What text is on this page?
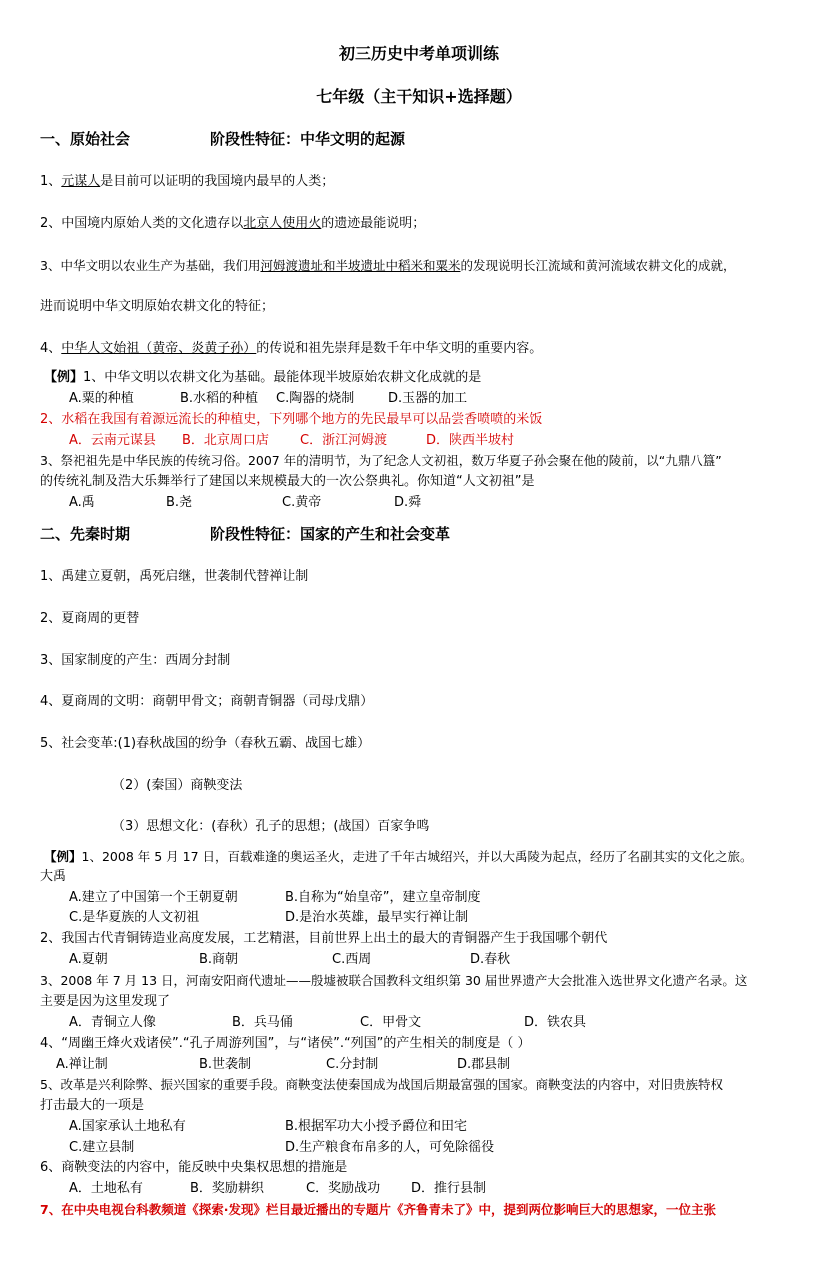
初三历史中考单项训练
七年级（主干知识+选择题）
一、原始社会	阶段性特征：中华文明的起源
1、元谋人是目前可以证明的我国境内最早的人类；
2、中国境内原始人类的文化遗存以北京人使用火的遗迹最能说明；
3、中华文明以农业生产为基础，我们用河姆渡遗址和半坡遗址中稻米和粟米的发现说明长江流域和黄河流域农耕文化的成就，
进而说明中华文明原始农耕文化的特征；
4、中华人文始祖（黄帝、炎黄子孙）的传说和祖先崇拜是数千年中华文明的重要内容。
【例】1、中华文明以农耕文化为基础。最能体现半坡原始农耕文化成就的是
A.粟的种植	B.水稻的种植 C.陶器的烧制	D.玉器的加工
2、水稻在我国有着源远流长的种植史，下列哪个地方的先民最早可以品尝香喷喷的米饭
A．云南元谋县 B．北京周口店 C．浙江河姆渡	D．陕西半坡村
3、祭祀祖先是中华民族的传统习俗。2007 年的清明节，为了纪念人文初祖，数万华夏子孙会聚在他的陵前，以“九鼎八簋”
的传统礼制及浩大乐舞举行了建国以来规模最大的一次公祭典礼。你知道“人文初祖”是
A.禹	B.尧	C.黄帝	D.舜
二、先秦时期	阶段性特征：国家的产生和社会变革
1、禹建立夏朝，禹死启继，世袭制代替禅让制
2、夏商周的更替
3、国家制度的产生：西周分封制
4、夏商周的文明：商朝甲骨文；商朝青铜器（司母戊鼎）
5、社会变革:(1)春秋战国的纷争（春秋五霸、战国七雄）
（2）(秦国）商鞅变法
（3）思想文化：(春秋）孔子的思想；(战国）百家争鸣
【例】1、2008 年 5 月 17 日，百载难逢的奥运圣火，走进了千年古城绍兴，并以大禹陵为起点，经历了名副其实的文化之旅。
大禹
A.建立了中国第一个王朝夏朝	B.自称为“始皇帝”，建立皇帝制度
C.是华夏族的人文初祖	D.是治水英雄，最早实行禅让制
2、我国古代青铜铸造业高度发展，工艺精湛，目前世界上出土的最大的青铜器产生于我国哪个朝代
A.夏朝	B.商朝	C.西周	D.春秋
3、2008 年 7 月 13 日，河南安阳商代遗址——殷墟被联合国教科文组织第 30 届世界遗产大会批准入选世界文化遗产名录。这
主要是因为这里发现了
A．青铜立人像	B．兵马俑	C．甲骨文	D．铁农具
4、“周幽王烽火戏诸侯”.“孔子周游列国”，与“诸侯”.“列国”的产生相关的制度是（ ）
A.禅让制	B.世袭制	C.分封制	D.郡县制
5、改革是兴利除弊、振兴国家的重要手段。商鞅变法使秦国成为战国后期最富强的国家。商鞅变法的内容中，对旧贵族特权
打击最大的一项是
A.国家承认土地私有	B.根据军功大小授予爵位和田宅
C.建立县制	D.生产粮食布帛多的人，可免除徭役
6、商鞅变法的内容中，能反映中央集权思想的措施是
A．土地私有	B．奖励耕织	C．奖励战功 D．推行县制
7、在中央电视台科教频道《探索·发现》栏目最近播出的专题片《齐鲁青未了》中，提到两位影响巨大的思想家，一位主张
